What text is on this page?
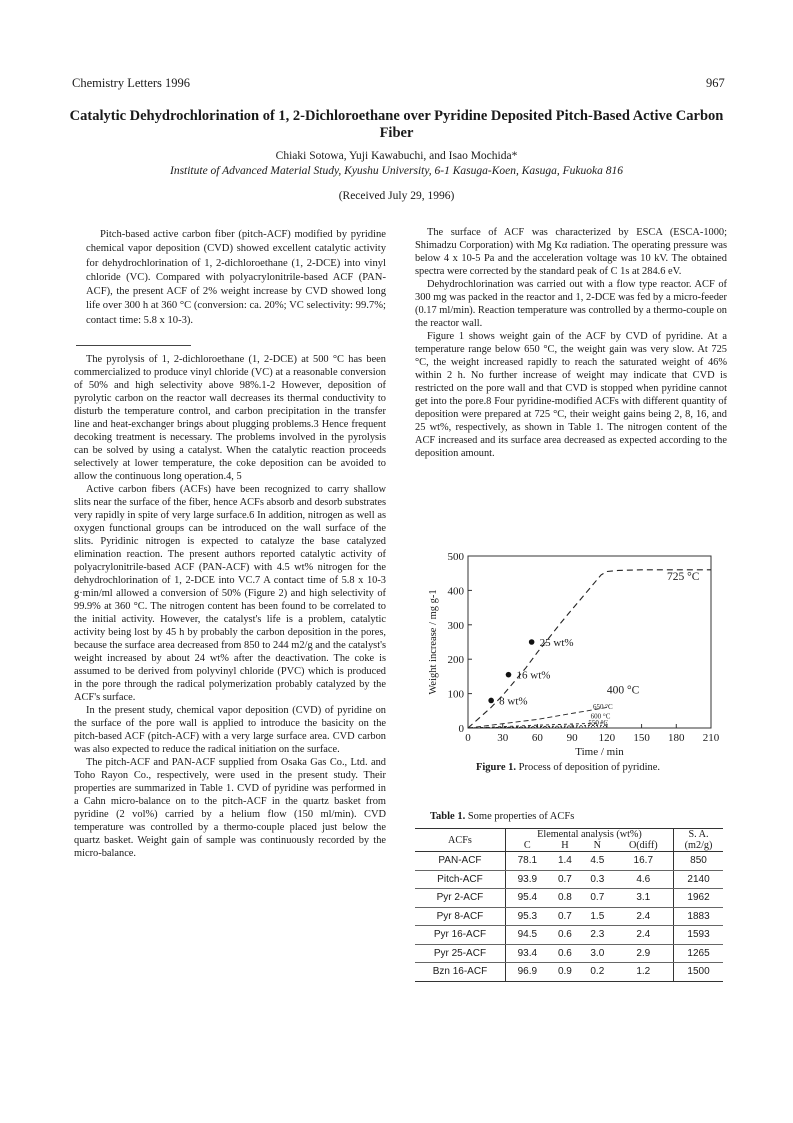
Chemistry Letters 1996	967
Catalytic Dehydrochlorination of 1, 2-Dichloroethane over Pyridine Deposited Pitch-Based Active Carbon Fiber
Chiaki Sotowa, Yuji Kawabuchi, and Isao Mochida*
Institute of Advanced Material Study, Kyushu University, 6-1 Kasuga-Koen, Kasuga, Fukuoka 816
(Received July 29, 1996)

Pitch-based active carbon fiber (pitch-ACF) modified by pyridine chemical vapor deposition (CVD) showed excellent catalytic activity for dehydrochlorination of 1, 2-dichloroethane (1, 2-DCE) into vinyl chloride (VC). Compared with polyacrylonitrile-based ACF (PAN-ACF), the present ACF of 2% weight increase by CVD showed long life over 300 h at 360 °C (conversion: ca. 20%; VC selectivity: 99.7%; contact time: 5.8 x 10-3).

The pyrolysis of 1, 2-dichloroethane (1, 2-DCE) at 500 °C has been commercialized to produce vinyl chloride (VC) at a reasonable conversion of 50% and high selectivity above 98%.1-2 However, deposition of pyrolytic carbon on the reactor wall decreases its thermal conductivity to disturb the temperature control, and carbon precipitation in the transfer line and heat-exchanger brings about plugging problems.3 Hence frequent decoking treatment is necessary. The problems involved in the pyrolysis can be solved by using a catalyst. When the catalytic reaction proceeds selectively at lower temperature, the coke deposition can be avoided to allow the continuous long operation.4, 5

Active carbon fibers (ACFs) have been recognized to carry shallow slits near the surface of the fiber, hence ACFs absorb and desorb substrates very rapidly in spite of very large surface.6 In addition, nitrogen as well as oxygen functional groups can be introduced on the wall surface of the slits. Pyridinic nitrogen is expected to catalyze the base catalyzed elimination reaction. The present authors reported catalytic activity of polyacrylonitrile-based ACF (PAN-ACF) with 4.5 wt% nitrogen for the dehydrochlorination of 1, 2-DCE into VC.7 A contact time of 5.8 x 10-3 g·min/ml allowed a conversion of 50% (Figure 2) and high selectivity of 99.9% at 360 °C. The nitrogen content has been found to be correlated to the initial activity. However, the catalyst's life is a problem, catalytic activity being lost by 45 h by probably the carbon deposition in the pores, because the surface area decreased from 850 to 244 m2/g and the catalyst's weight increased by about 24 wt% after the deactivation. The coke is assumed to be derived from polyvinyl chloride (PVC) which is produced in the pore through the radical polymerization probably catalyzed by the ACF's surface.

In the present study, chemical vapor deposition (CVD) of pyridine on the surface of the pore wall is applied to introduce the basicity on the pitch-based ACF (pitch-ACF) with a very large surface area. CVD carbon was also expected to reduce the radical initiation on the surface.

The pitch-ACF and PAN-ACF supplied from Osaka Gas Co., Ltd. and Toho Rayon Co., respectively, were used in the present study. Their properties are summarized in Table 1. CVD of pyridine was performed in a Cahn micro-balance on to the pitch-ACF in the quartz basket from pyridine (2 vol%) carried by a helium flow (150 ml/min). CVD temperature was controlled by a thermo-couple placed just below the quartz basket. Weight gain of sample was continuously recorded by the micro-balance.

The surface of ACF was characterized by ESCA (ESCA-1000; Shimadzu Corporation) with Mg Kα radiation. The operating pressure was below 4 x 10-5 Pa and the acceleration voltage was 10 kV. The obtained spectra were corrected by the standard peak of C 1s at 284.6 eV.

Dehydrochlorination was carried out with a flow type reactor. ACF of 300 mg was packed in the reactor and 1, 2-DCE was fed by a micro-feeder (0.17 ml/min). Reaction temperature was controlled by a thermo-couple on the reactor wall.

Figure 1 shows weight gain of the ACF by CVD of pyridine. At a temperature range below 650 °C, the weight gain was very slow. At 725 °C, the weight increased rapidly to reach the saturated weight of 46% within 2 h. No further increase of weight may indicate that CVD is restricted on the pore wall and that CVD is stopped when pyridine cannot get into the pore.8 Four pyridine-modified ACFs with different quantity of deposition were prepared at 725 °C, their weight gains being 2, 8, 16, and 25 wt%, respectively, as shown in Table 1. The nitrogen content of the ACF increased and its surface area decreased as expected according to the deposition amount.

0 30 60 90 120 150 180 210
0
100
200
300
400
500
Time / min
Weight increase / mg g-1
725 °C
400 °C
650 °C
600 °C
550 °C
8 wt%
16 wt%
25 wt%
Figure 1. Process of deposition of pyridine.
Table 1. Some properties of ACFs
ACFs	Elemental analysis (wt%)				S. A.
	C	H	N	O(diff)	(m2/g)
PAN-ACF	78.1	1.4	4.5	16.7	850
Pitch-ACF	93.9	0.7	0.3	4.6	2140
Pyr 2-ACF	95.4	0.8	0.7	3.1	1962
Pyr 8-ACF	95.3	0.7	1.5	2.4	1883
Pyr 16-ACF	94.5	0.6	2.3	2.4	1593
Pyr 25-ACF	93.4	0.6	3.0	2.9	1265
Bzn 16-ACF	96.9	0.9	0.2	1.2	1500
